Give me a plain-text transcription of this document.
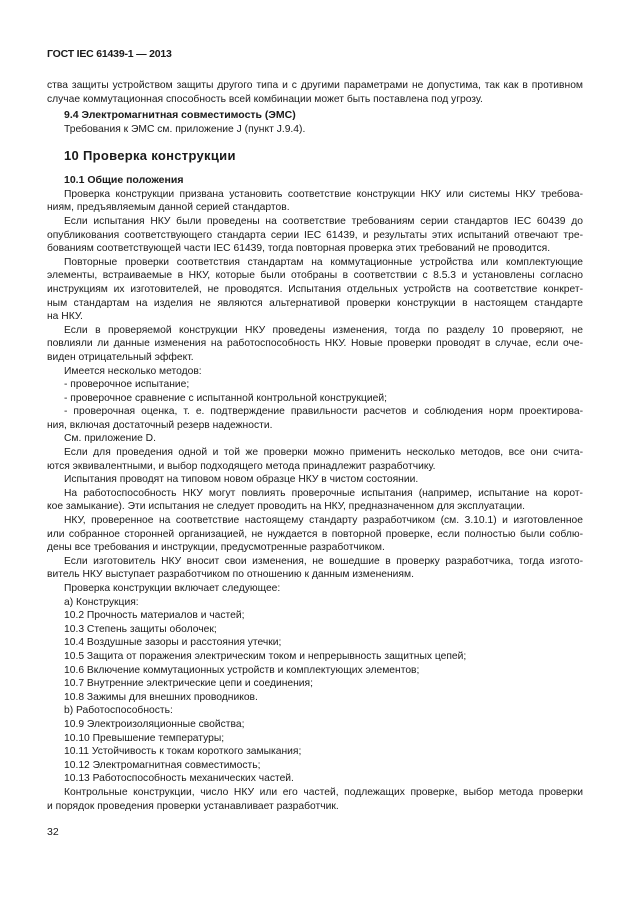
ГОСТ IEC 61439-1 — 2013
ства защиты устройством защиты другого типа и с другими параметрами не допустима, так как в противном
случае коммутационная способность всей комбинации может быть поставлена под угрозу.
9.4 Электромагнитная совместимость (ЭМС)
Требования к ЭМС см. приложение J (пункт J.9.4).
10 Проверка конструкции
10.1 Общие положения
Проверка конструкции призвана установить соответствие конструкции НКУ или системы НКУ требова-
ниям, предъявляемым данной серией стандартов.
Если испытания НКУ были проведены на соответствие требованиям серии стандартов IEC 60439 до
опубликования соответствующего стандарта серии IEC 61439, и результаты этих испытаний отвечают тре-
бованиям соответствующей части IEC 61439, тогда повторная проверка этих требований не проводится.
Повторные проверки соответствия стандартам на коммутационные устройства или комплектующие
элементы, встраиваемые в НКУ, которые были отобраны в соответствии с 8.5.3 и установлены согласно
инструкциям их изготовителей, не проводятся. Испытания отдельных устройств на соответствие конкрет-
ным стандартам на изделия не являются альтернативой проверки конструкции в настоящем стандарте
на НКУ.
Если в проверяемой конструкции НКУ проведены изменения, тогда по разделу 10 проверяют, не
повлияли ли данные изменения на работоспособность НКУ. Новые проверки проводят в случае, если оче-
виден отрицательный эффект.
Имеется несколько методов:
- проверочное испытание;
- проверочное сравнение с испытанной контрольной конструкцией;
- проверочная оценка, т. е. подтверждение правильности расчетов и соблюдения норм проектирова-
ния, включая достаточный резерв надежности.
См. приложение D.
Если для проведения одной и той же проверки можно применить несколько методов, все они счита-
ются эквивалентными, и выбор подходящего метода принадлежит разработчику.
Испытания проводят на типовом новом образце НКУ в чистом состоянии.
На работоспособность НКУ могут повлиять проверочные испытания (например, испытание на корот-
кое замыкание). Эти испытания не следует проводить на НКУ, предназначенном для эксплуатации.
НКУ, проверенное на соответствие настоящему стандарту разработчиком (см. 3.10.1) и изготовленное
или собранное сторонней организацией, не нуждается в повторной проверке, если полностью были соблю-
дены все требования и инструкции, предусмотренные разработчиком.
Если изготовитель НКУ вносит свои изменения, не вошедшие в проверку разработчика, тогда изгото-
витель НКУ выступает разработчиком по отношению к данным изменениям.
Проверка конструкции включает следующее:
a) Конструкция:
10.2 Прочность материалов и частей;
10.3 Степень защиты оболочек;
10.4 Воздушные зазоры и расстояния утечки;
10.5 Защита от поражения электрическим током и непрерывность защитных цепей;
10.6 Включение коммутационных устройств и комплектующих элементов;
10.7 Внутренние электрические цепи и соединения;
10.8 Зажимы для внешних проводников.
b) Работоспособность:
10.9 Электроизоляционные свойства;
10.10 Превышение температуры;
10.11 Устойчивость к токам короткого замыкания;
10.12 Электромагнитная совместимость;
10.13 Работоспособность механических частей.
Контрольные конструкции, число НКУ или его частей, подлежащих проверке, выбор метода проверки
и порядок проведения проверки устанавливает разработчик.
32
